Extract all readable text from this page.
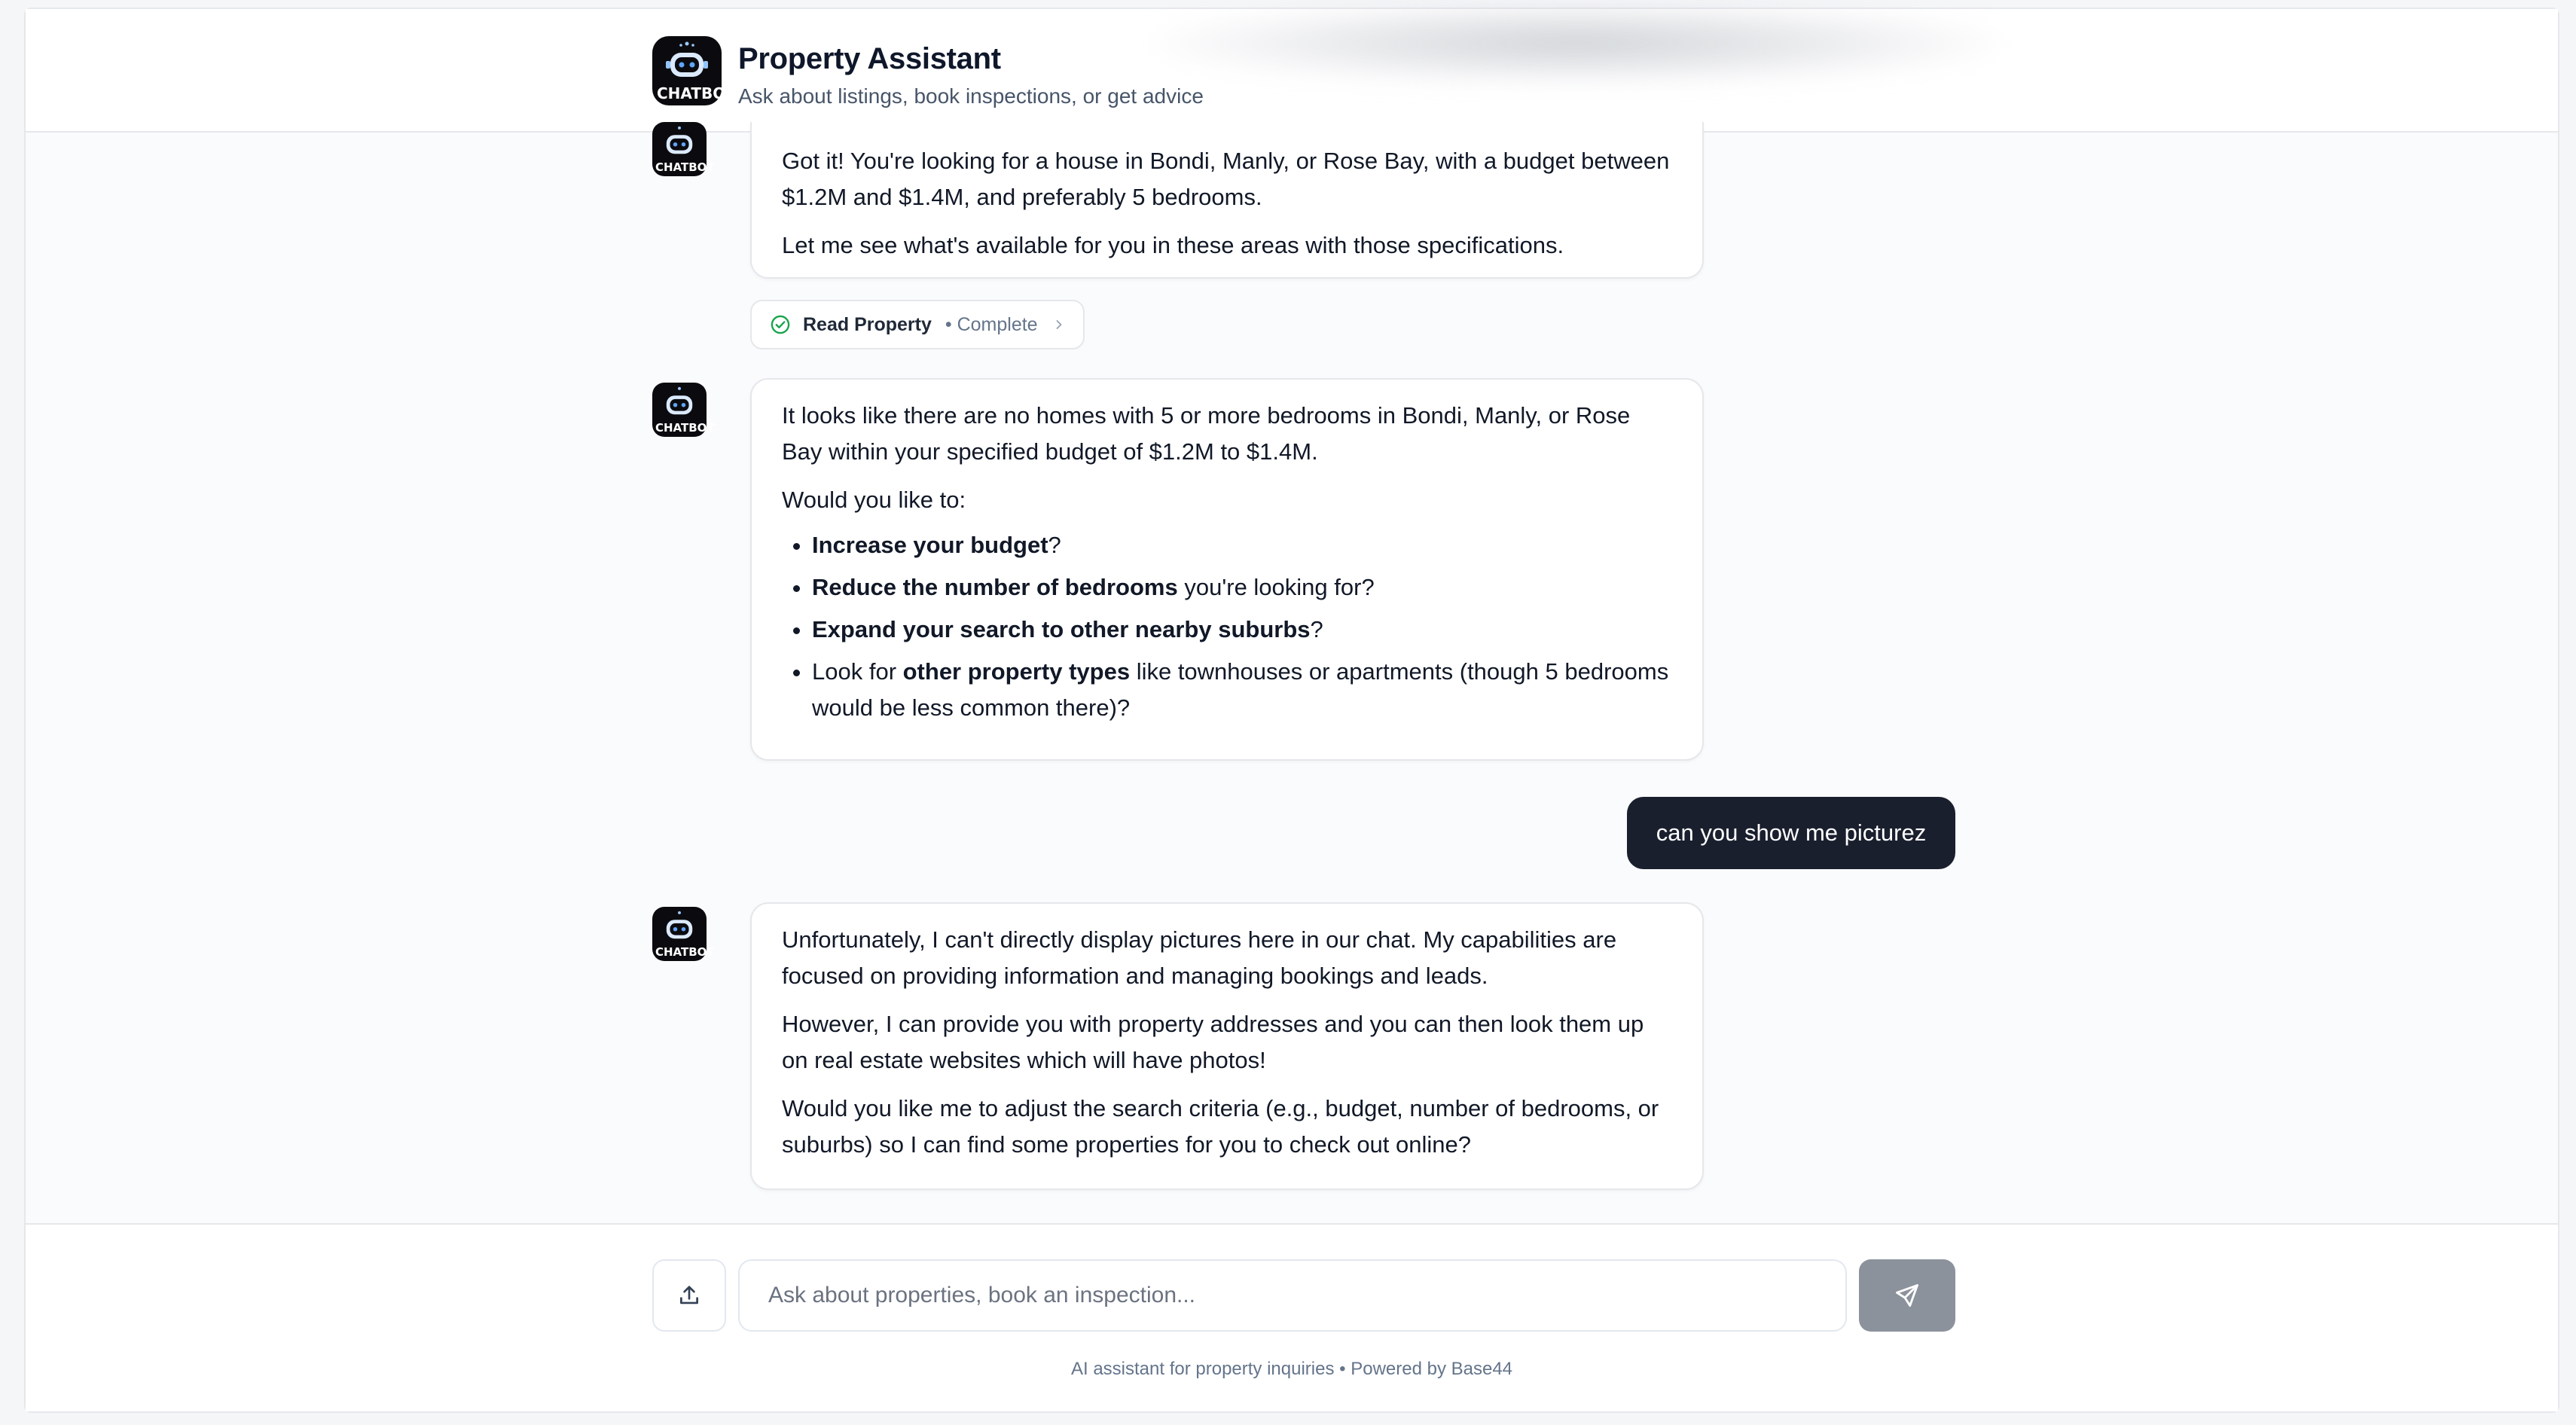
CHATBOT
Property Assistant
Ask about listings, book inspections, or get advice
CHATBOT	Got it! You're looking for a house in Bondi, Manly, or Rose Bay, with a budget between $1.2M and $1.4M, and preferably 5 bedrooms.

Let me see what's available for you in these areas with those specifications.

Read Property • Complete
CHATBOT	It looks like there are no homes with 5 or more bedrooms in Bondi, Manly, or Rose Bay within your specified budget of $1.2M to $1.4M.

Would you like to:

• Increase your budget?
• Reduce the number of bedrooms you're looking for?
• Expand your search to other nearby suburbs?
• Look for other property types like townhouses or apartments (though 5 bedrooms would be less common there)?
can you show me picturez
CHATBOT	Unfortunately, I can't directly display pictures here in our chat. My capabilities are focused on providing information and managing bookings and leads.

However, I can provide you with property addresses and you can then look them up on real estate websites which will have photos!

Would you like me to adjust the search criteria (e.g., budget, number of bedrooms, or suburbs) so I can find some properties for you to check out online?

Ask about properties, book an inspection...
AI assistant for property inquiries • Powered by Base44
